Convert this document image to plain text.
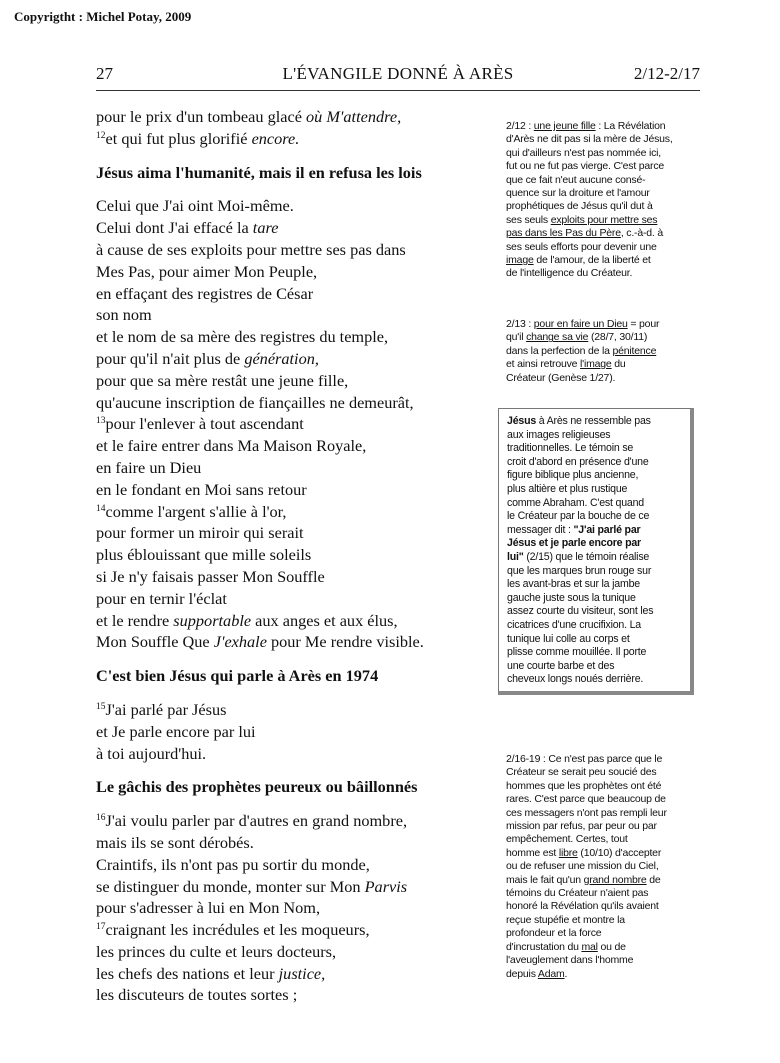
Copyrigtht : Michel Potay, 2009
L'ÉVANGILE DONNÉ À ARÈS
27	2/12-2/17
pour le prix d'un tombeau glacé où M'attendre,
$^{12}$et qui fut plus glorifié encore.
Jésus aima l'humanité, mais il en refusa les lois
Celui que J'ai oint Moi-même.
Celui dont J'ai effacé la tare
à cause de ses exploits pour mettre ses pas dans
Mes Pas, pour aimer Mon Peuple,
en effaçant des registres de César
son nom
et le nom de sa mère des registres du temple,
pour qu'il n'ait plus de génération,
pour que sa mère restât une jeune fille,
qu'aucune inscription de fiançailles ne demeurât,
$^{13}$pour l'enlever à tout ascendant
et le faire entrer dans Ma Maison Royale,
en faire un Dieu
en le fondant en Moi sans retour
$^{14}$comme l'argent s'allie à l'or,
pour former un miroir qui serait
plus éblouissant que mille soleils
si Je n'y faisais passer Mon Souffle
pour en ternir l'éclat
et le rendre supportable aux anges et aux élus,
Mon Souffle Que J'exhale pour Me rendre visible.
C'est bien Jésus qui parle à Arès en 1974
$^{15}$J'ai parlé par Jésus
et Je parle encore par lui
à toi aujourd'hui.
Le gâchis des prophètes peureux ou bâillonnés
$^{16}$J'ai voulu parler par d'autres en grand nombre,
mais ils se sont dérobés.
Craintifs, ils n'ont pas pu sortir du monde,
se distinguer du monde, monter sur Mon Parvis
pour s'adresser à lui en Mon Nom,
$^{17}$craignant les incrédules et les moqueurs,
les princes du culte et leurs docteurs,
les chefs des nations et leur justice,
les discuteurs de toutes sortes ;
2/12 : une jeune fille : La Révélation
d'Arès ne dit pas si la mère de Jésus,
qui d'ailleurs n'est pas nommée ici,
fut ou ne fut pas vierge. C'est parce
que ce fait n'eut aucune consé-
quence sur la droiture et l'amour
prophétiques de Jésus qu'il dut à
ses seuls exploits pour mettre ses
pas dans les Pas du Père, c.-à-d. à
ses seuls efforts pour devenir une
image de l'amour, de la liberté et
de l'intelligence du Créateur.
2/13 : pour en faire un Dieu = pour
qu'il change sa vie (28/7, 30/11)
dans la perfection de la pénitence
et ainsi retrouve l'image du
Créateur (Genèse 1/27).
Jésus à Arès ne ressemble pas
aux images religieuses
traditionnelles. Le témoin se
croit d'abord en présence d'une
figure biblique plus ancienne,
plus altière et plus rustique
comme Abraham. C'est quand
le Créateur par la bouche de ce
messager dit : "J'ai parlé par
Jésus et je parle encore par
lui" (2/15) que le témoin réalise
que les marques brun rouge sur
les avant-bras et sur la jambe
gauche juste sous la tunique
assez courte du visiteur, sont les
cicatrices d'une crucifixion. La
tunique lui colle au corps et
plisse comme mouillée. Il porte
une courte barbe et des
cheveux longs noués derrière.
2/16-19 : Ce n'est pas parce que le
Créateur se serait peu soucié des
hommes que les prophètes ont été
rares. C'est parce que beaucoup de
ces messagers n'ont pas rempli leur
mission par refus, par peur ou par
empêchement. Certes, tout
homme est libre (10/10) d'accepter
ou de refuser une mission du Ciel,
mais le fait qu'un grand nombre de
témoins du Créateur n'aient pas
honoré la Révélation qu'ils avaient
reçue stupéfie et montre la
profondeur et la force
d'incrustation du mal ou de
l'aveuglement dans l'homme
depuis Adam.
